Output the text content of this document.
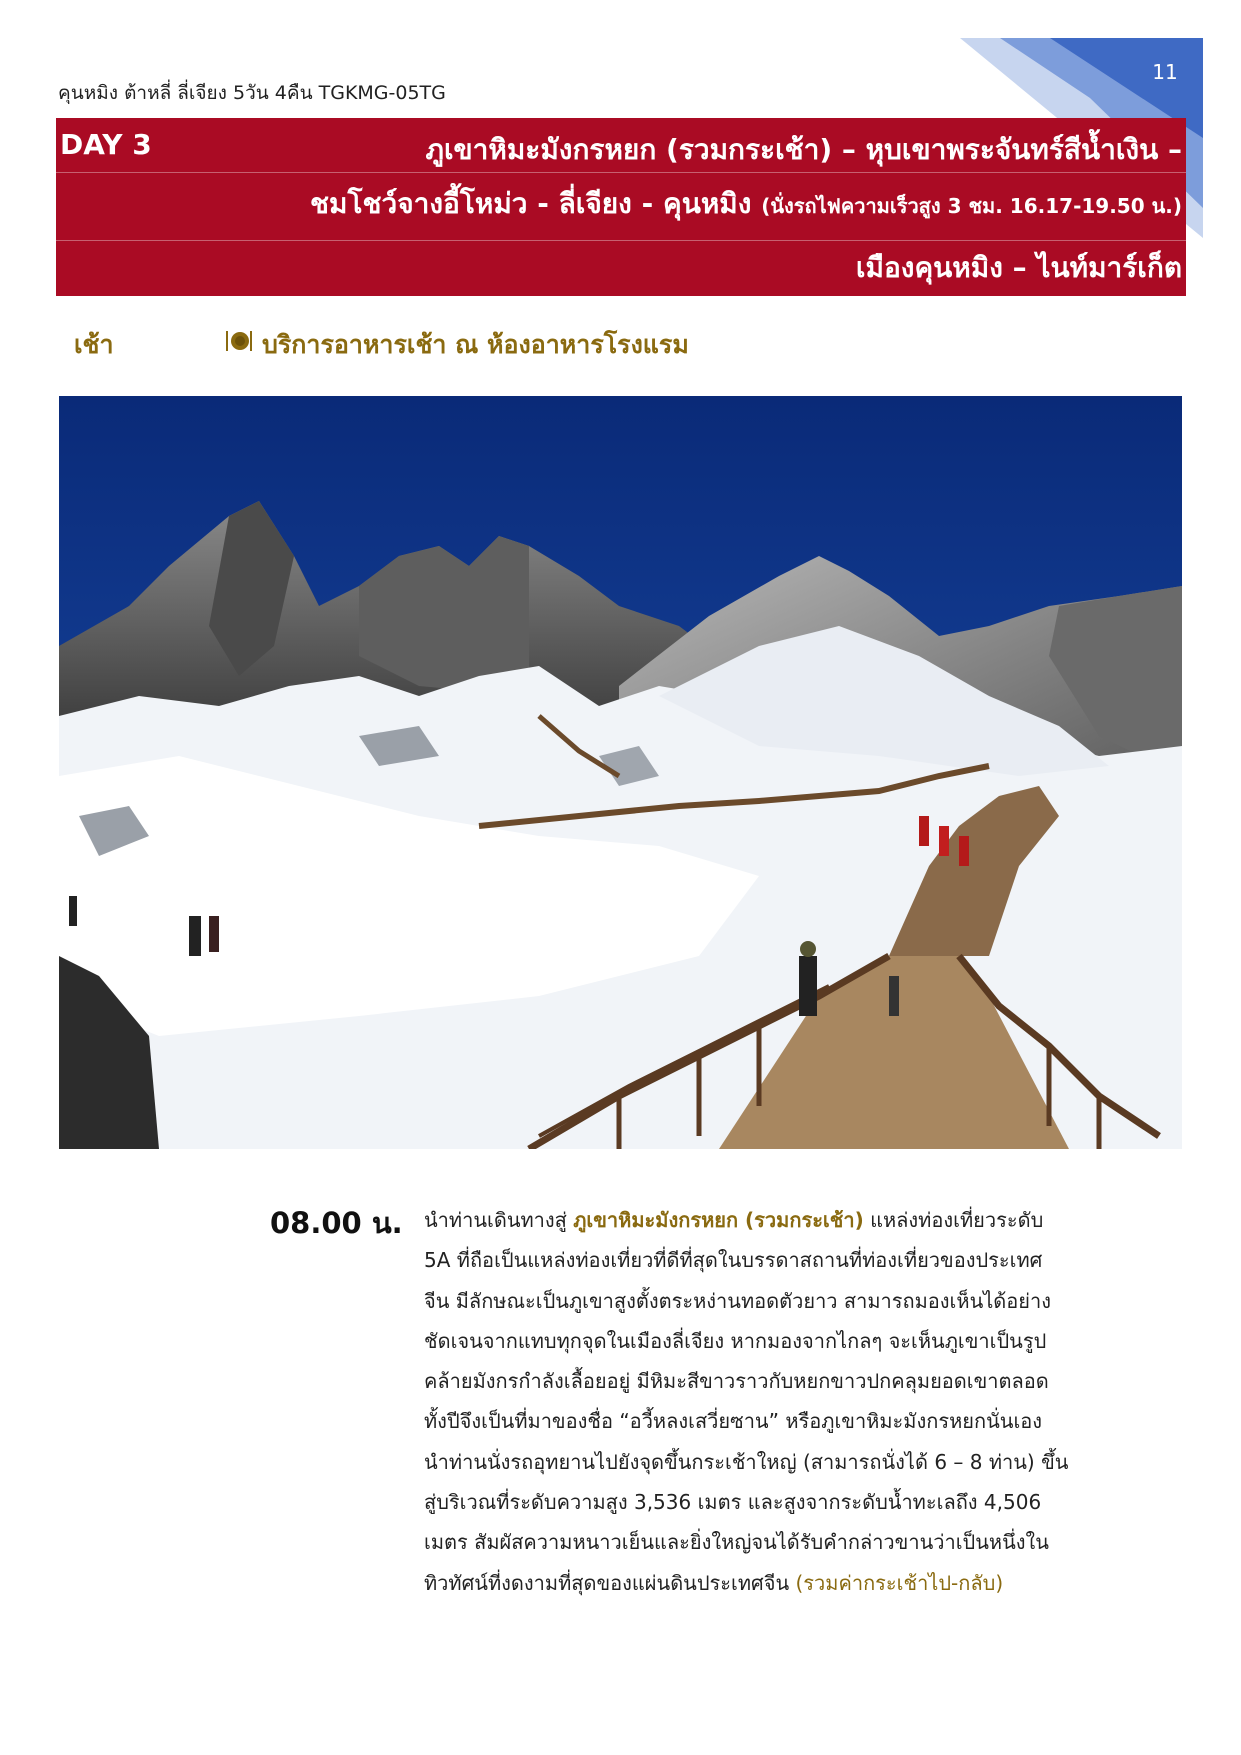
11
คุนหมิง ต้าหลี่ ลี่เจียง 5วัน 4คืน TGKMG-05TG
DAY 3	ภูเขาหิมะมังกรหยก (รวมกระเช้า) – หุบเขาพระจันทร์สีน้ำเงิน –
ชมโชว์จางอี้โหม่ว - ลี่เจียง - คุนหมิง (นั่งรถไฟความเร็วสูง 3 ชม. 16.17-19.50 น.)
เมืองคุนหมิง – ไนท์มาร์เก็ต
เช้า	บริการอาหารเช้า ณ ห้องอาหารโรงแรม
08.00 น. นำท่านเดินทางสู่ ภูเขาหิมะมังกรหยก (รวมกระเช้า) แหล่งท่องเที่ยวระดับ
5A ที่ถือเป็นแหล่งท่องเที่ยวที่ดีที่สุดในบรรดาสถานที่ท่องเที่ยวของประเทศ
จีน มีลักษณะเป็นภูเขาสูงตั้งตระหง่านทอดตัวยาว สามารถมองเห็นได้อย่าง
ชัดเจนจากแทบทุกจุดในเมืองลี่เจียง หากมองจากไกลๆ จะเห็นภูเขาเป็นรูป
คล้ายมังกรกำลังเลื้อยอยู่ มีหิมะสีขาวราวกับหยกขาวปกคลุมยอดเขาตลอด
ทั้งปีจึงเป็นที่มาของชื่อ “อวี้หลงเสวี่ยซาน” หรือภูเขาหิมะมังกรหยกนั่นเอง
นำท่านนั่งรถอุทยานไปยังจุดขึ้นกระเช้าใหญ่ (สามารถนั่งได้ 6 – 8 ท่าน) ขึ้น
สู่บริเวณที่ระดับความสูง 3,536 เมตร และสูงจากระดับน้ำทะเลถึง 4,506
เมตร สัมผัสความหนาวเย็นและยิ่งใหญ่จนได้รับคำกล่าวขานว่าเป็นหนึ่งใน
ทิวทัศน์ที่งดงามที่สุดของแผ่นดินประเทศจีน (รวมค่ากระเช้าไป-กลับ)
